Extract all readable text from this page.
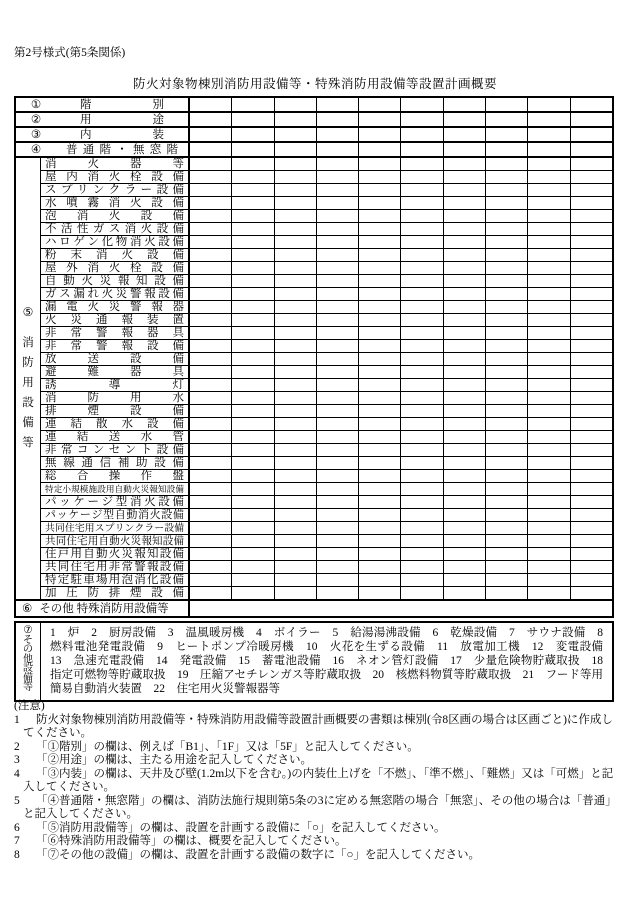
第2号様式(第5条関係)
防火対象物棟別消防用設備等・特殊消防用設備等設置計画概要
①	階	別
②	用	途
③	内	装
④	普 通 階 ・ 無 窓 階
⑤
消
防
用
設
備
等
消	火	器	等
屋 内 消 火 栓 設 備
ス プ リ ン ク ラ ー 設 備
水 噴 霧 消 火 設 備
泡 消 火 設 備
不 活 性 ガ ス 消 火 設 備
ハ ロ ゲ ン 化 物 消 火 設 備
粉 末 消 火 設 備
屋 外 消 火 栓 設 備
自 動 火 災 報 知 設 備
ガ ス 漏 れ 火 災 警 報 設 備
漏 電 火 災 警 報 器
火 災 通 報 装 置
非 常 警 報 器 具
非 常 警 報 設 備
放	送	設	備
避	難	器	具
誘	導	灯
消	防	用	水
排	煙	設	備
連 結 散 水 設 備
連 結 送 水 管
非 常 コ ン セ ン ト 設 備
無 線 通 信 補 助 設 備
総 合 操 作 盤
特 定 小 規 模 施 設 用 自 動 火 災 報 知 設 備
パ ッ ケ ー ジ 型 消 火 設 備
パ ッ ケ ー ジ 型 自 動 消 火 設 備
共 同 住 宅 用 ス プ リ ン ク ラ ー 設 備
共 同 住 宅 用 自 動 火 災 報 知 設 備
住 戸 用 自 動 火 災 報 知 設 備
共 同 住 宅 用 非 常 警 報 設 備
特 定 駐 車 場 用 泡 消 化 設 備
加 圧 防 排 煙 設 備
⑥ その他 特殊消防用設備等
⑦
そ
の
他
設
備
等
1　炉　2　厨房設備　3　温風暖房機　4　ボイラー　5　給湯湯沸設備　6　乾燥設備　7　サウナ設備　8　燃料電池発電設備　9　ヒートポンプ冷暖房機　10　火花を生ずる設備　11　放電加工機　12　変電設備　13　急速充電設備　14　発電設備　15　蓄電池設備　16　ネオン管灯設備　17　少量危険物貯蔵取扱　18　指定可燃物等貯蔵取扱　19　圧縮アセチレンガス等貯蔵取扱　20　核燃料物質等貯蔵取扱　21　フード等用簡易自動消火装置　22　住宅用火災警報器等
(注意)
1 防火対象物棟別消防用設備等・特殊消防用設備等設置計画概要の書類は棟別(令8区画の場合は区画ごと)に作成してください。
2 「①階別」の欄は、例えば「B1」、「1F」又は「5F」と記入してください。
3 「②用途」の欄は、主たる用途を記入してください。
4 「③内装」の欄は、天井及び壁(1.2m以下を含む。)の内装仕上げを「不燃」、「準不燃」、「難燃」又は「可燃」と記入してください。
5 「④普通階・無窓階」の欄は、消防法施行規則第5条の3に定める無窓階の場合「無窓」、その他の場合は「普通」と記入してください。
6 「⑤消防用設備等」の欄は、設置を計画する設備に「○」を記入してください。
7 「⑥特殊消防用設備等」の欄は、概要を記入してください。
8 「⑦その他の設備」の欄は、設置を計画する設備の数字に「○」を記入してください。
